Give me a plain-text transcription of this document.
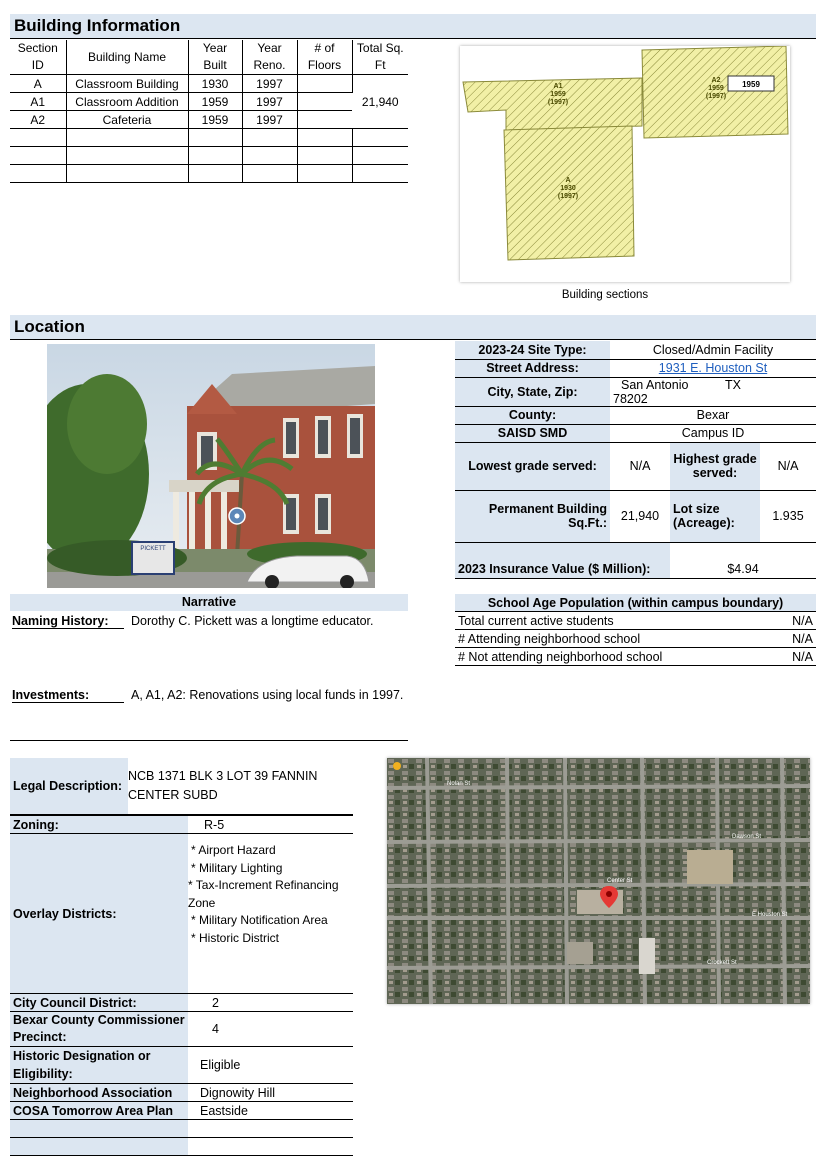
Building Information
Section ID	Building Name	Year Built	Year Reno.	# of Floors	Total Sq. Ft
A	Classroom Building	1930	1997		21,940
A1	Classroom Addition	1959	1997		
A2	Cafeteria	1959	1997		

1959
A1
1959
(1997)
A2
1959
(1997)
A
1930
(1997)
Building sections
Location
PICKETT
2023-24 Site Type:	Closed/Admin Facility		
Street Address:	1931 E. Houston St		
City, State, Zip:	San Antonio TX78202		
County:	Bexar		
SAISD SMD	Campus ID		
Lowest grade served:	N/A	Highest grade served:	N/A
Permanent Building Sq.Ft.:	21,940	Lot size (Acreage):	1.935
2023 Insurance Value ($ Million):		$4.94	
Narrative
Naming History:	Dorothy C. Pickett was a longtime educator.
Investments:	A, A1, A2: Renovations using local funds in 1997.
School Age Population (within campus boundary)	
Total current active students	N/A
# Attending neighborhood school	N/A
# Not attending neighborhood school	N/A
Legal Description:	NCB 1371 BLK 3 LOT 39 FANNIN CENTER SUBD
Zoning:	R-5
Overlay Districts:	* Airport Hazard
* Military Lighting
* Tax-Increment Refinancing Zone
* Military Notification Area
* Historic District

City Council District:	2
Bexar County Commissioner Precinct:	4
Historic Designation or Eligibility:	Eligible
Neighborhood Association	Dignowity Hill
COSA Tomorrow Area Plan	Eastside

Nolan St
Dawson St
Center St
E Houston St
Crockett St
